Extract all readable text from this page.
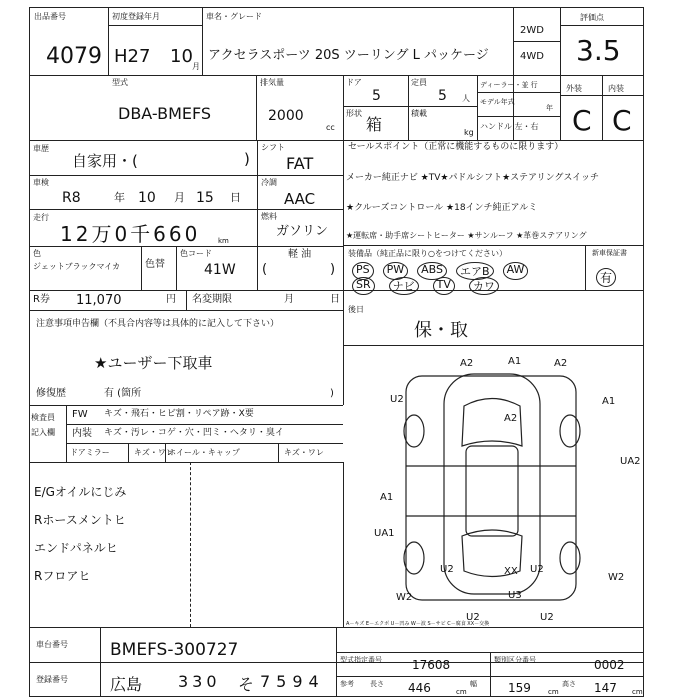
出品番号
4079
初度登録年月
H27 10 月
車名・グレード
アクセラスポーツ 20S ツーリング L パッケージ
2WD
4WD
評価点
3.5
型式
DBA-BMEFS
排気量
2000
cc
ドア
5
定員
5 人
形状
箱
積載
kg
ディーラー・並 行
モデル年式
年
ハンドル 左・右
外装	内装
C C
車歴
自家用・(	)
シフト
FAT
車検
R8	年 10 月 15 日
冷調
AAC
走行
12万0千660	km
燃料
ガソリン
軽 油
(	)
色
ジェットブラックマイカ 色替
色コード
41W
セールスポイント（正常に機能するものに限ります）
メーカー純正ナビ ★TV★パドルシフト★ステアリングスイッチ
★クルーズコントロール ★18インチ純正アルミ
★運転席・助手席シートヒーター ★サンルーフ ★革巻ステアリング
装備品（純正品に限り○をつけてください）	新車保証書
有
PS	PW	ABS	エアB	AW
SR	ナビ	TV	カワ
R券 11,070	円 名変期限	月	日
後日
保・取
注意事項申告欄（不具合内容等は具体的に記入して下さい）
★ユーザー下取車
修復歴	有 (箇所	)
検査員
記入欄
FW キズ・飛石・ヒビ割・リペア跡・X要
内装 キズ・汚レ・コゲ・穴・凹ミ・ヘタリ・臭イ
ドアミラー	キズ・ワレ
ホイール・キャップ	キズ・ワレ
E/Gオイルにじみ
Rホースメントヒ
エンドパネルヒ
Rフロアヒ
A2	A1	A2
A2
U2	A1
UA2
A1
UA1
U2
W2
U2
W2
XX
U3
U2	U2
A－キズ E－エクボ U－凹み W－波 S－サビ C－腐食 XX－交換
車台番号 BMEFS-300727
登録番号	広島 330 そ 7594
型式指定番号	17608	類別区分番号	0002
参考 長さ 446	cm
幅	159 cm
高さ 147 cm
